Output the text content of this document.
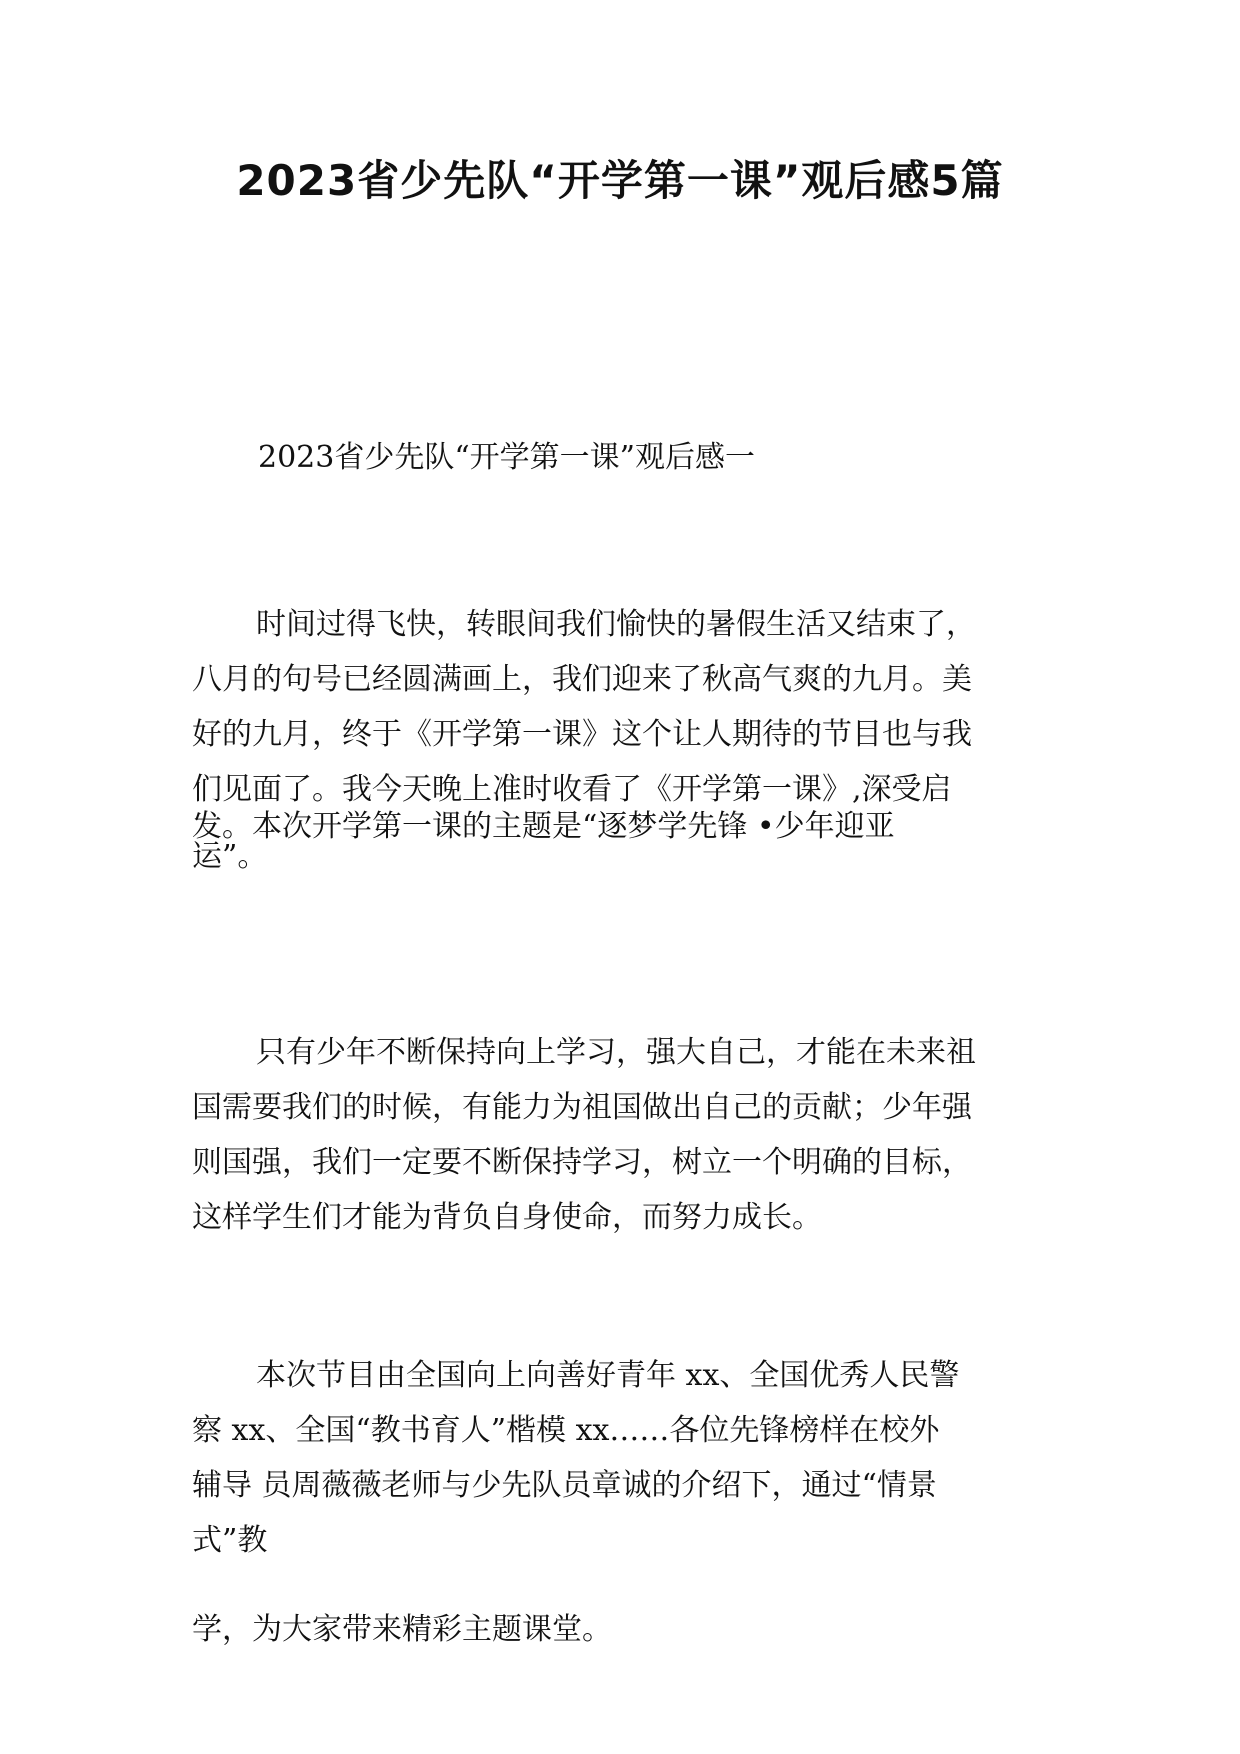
2023省少先队“开学第一课”观后感5篇

2023省少先队“开学第一课”观后感一

时间过得飞快，转眼间我们愉快的暑假生活又结束了，
八月的句号已经圆满画上，我们迎来了秋高气爽的九月。美
好的九月，终于《开学第一课》这个让人期待的节目也与我
们见面了。我今天晚上准时收看了《开学第一课》,深受启
发。本次开学第一课的主题是“逐梦学先锋 •少年迎亚
运”。
只有少年不断保持向上学习，强大自己，才能在未来祖
国需要我们的时候，有能力为祖国做出自己的贡献；少年强
则国强，我们一定要不断保持学习，树立一个明确的目标，
这样学生们才能为背负自身使命，而努力成长。
本次节目由全国向上向善好青年 xx、全国优秀人民警
察 xx、全国“教书育人”楷模 xx……各位先锋榜样在校外
辅导 员周薇薇老师与少先队员章诚的介绍下，通过“情景
式”教
学，为大家带来精彩主题课堂。
